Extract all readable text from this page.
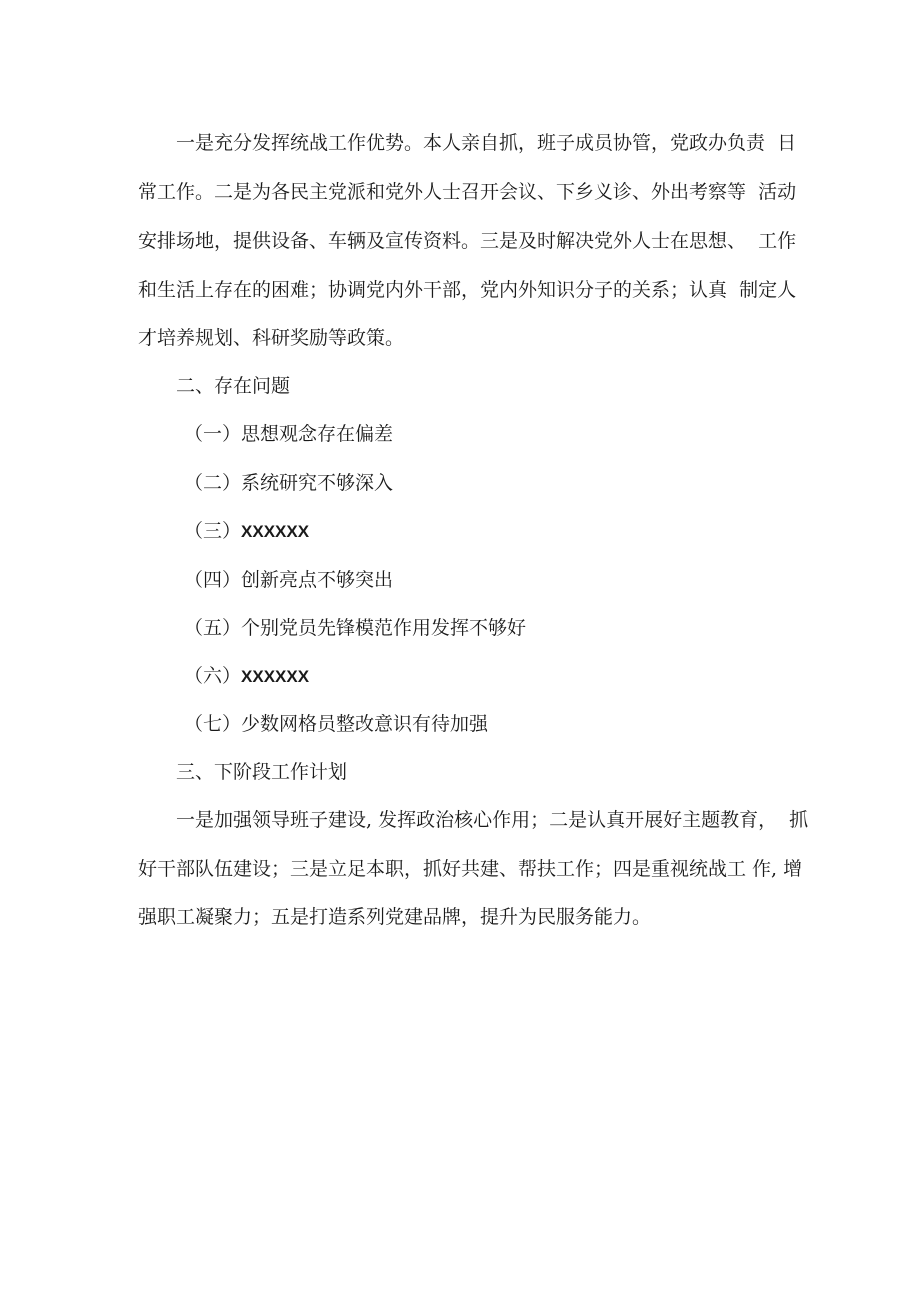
一是充分发挥统战工作优势。本人亲自抓，班子成员协管，党政办负责  日
常工作。二是为各民主党派和党外人士召开会议、下乡义诊、外出考察等  活动
安排场地，提供设备、车辆及宣传资料。三是及时解决党外人士在思想、  工作
和生活上存在的困难；协调党内外干部，党内外知识分子的关系；认真  制定人
才培养规划、科研奖励等政策。
二、存在问题
（一）思想观念存在偏差
（二）系统研究不够深入
（三）XXXXXX
（四）创新亮点不够突出
（五）个别党员先锋模范作用发挥不够好
（六）XXXXXX
（七）少数网格员整改意识有待加强
三、下阶段工作计划
一是加强领导班子建设, 发挥政治核心作用；二是认真开展好主题教育，  抓
好干部队伍建设；三是立足本职，抓好共建、帮扶工作；四是重视统战工 作, 增
强职工凝聚力；五是打造系列党建品牌，提升为民服务能力。
